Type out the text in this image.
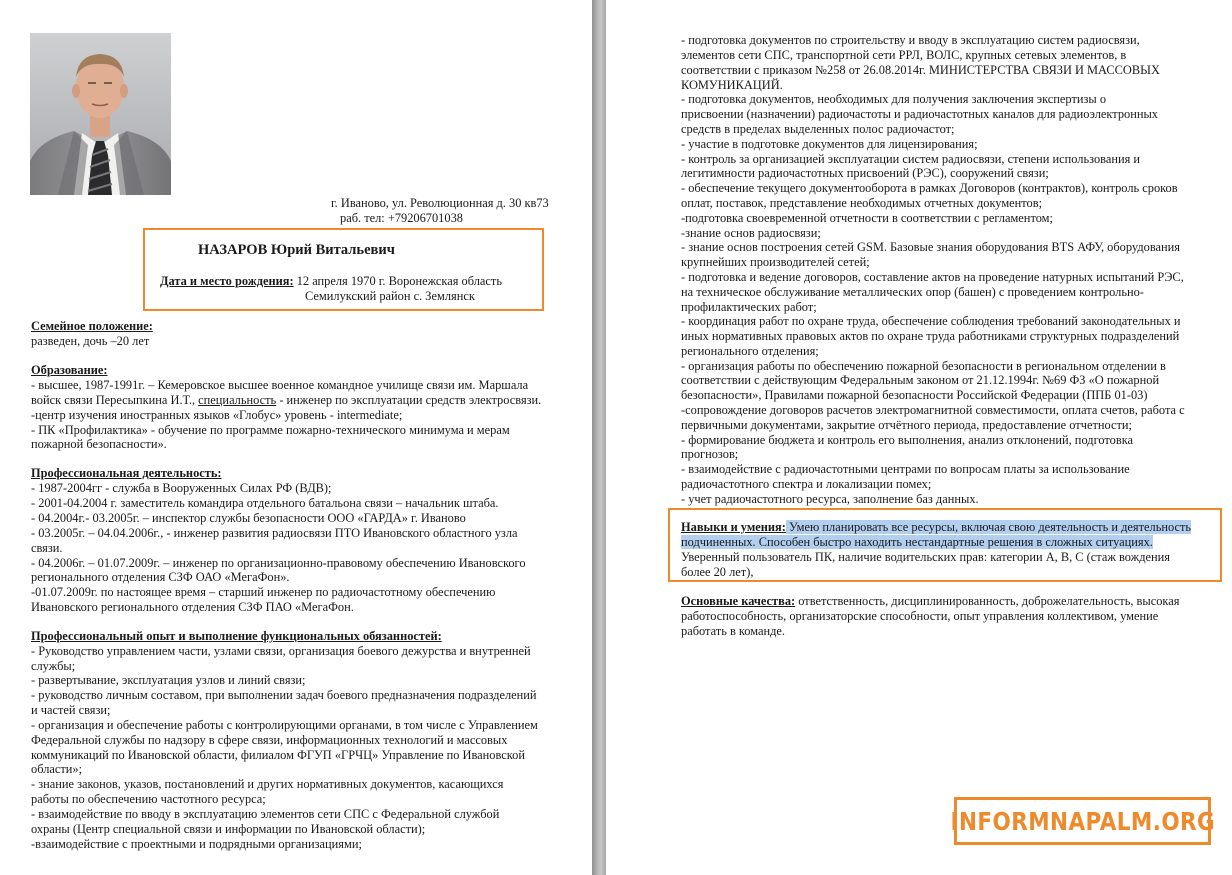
г. Иваново, ул. Революционная д. 30 кв73
раб. тел: +79206701038
НАЗАРОВ Юрий Витальевич
Дата и место рождения: 12 апреля 1970 г. Воронежская область
Семилукский район с. Землянск
Семейное положение:
разведен, дочь –20 лет
Образование:
- высшее, 1987-1991г. – Кемеровское высшее военное командное училище связи им. Маршала
войск связи Пересыпкина И.Т., специальность - инженер по эксплуатации средств электросвязи.
-центр изучения иностранных языков «Глобус» уровень - intermediate;
- ПК «Профилактика» - обучение по программе пожарно-технического минимума и мерам
пожарной безопасности».
Профессиональная деятельность:
- 1987-2004гг - служба в Вооруженных Силах РФ (ВДВ);
- 2001-04.2004 г. заместитель командира отдельного батальона связи – начальник штаба.
- 04.2004г.- 03.2005г. – инспектор службы безопасности ООО «ГАРДА» г. Иваново
- 03.2005г. – 04.04.2006г., - инженер развития радиосвязи ПТО Ивановского областного узла
связи.
- 04.2006г. – 01.07.2009г. – инженер по организационно-правовому обеспечению Ивановского
регионального отделения СЗФ ОАО «МегаФон».
-01.07.2009г. по настоящее время – старший инженер по радиочастотному обеспечению
Ивановского регионального отделения СЗФ ПАО «МегаФон.
Профессиональный опыт и выполнение функциональных обязанностей:
- Руководство управлением части, узлами связи, организация боевого дежурства и внутренней
службы;
- развертывание, эксплуатация узлов и линий связи;
- руководство личным составом, при выполнении задач боевого предназначения подразделений
и частей связи;
- организация и обеспечение работы с контролирующими органами, в том числе с Управлением
Федеральной службы по надзору в сфере связи, информационных технологий и массовых
коммуникаций по Ивановской области, филиалом ФГУП «ГРЧЦ» Управление по Ивановской
области»;
- знание законов, указов, постановлений и других нормативных документов, касающихся
работы по обеспечению частотного ресурса;
- взаимодействие по вводу в эксплуатацию элементов сети СПС с Федеральной службой
охраны (Центр специальной связи и информации по Ивановской области);
-взаимодействие с проектными и подрядными организациями;
- подготовка документов по строительству и вводу в эксплуатацию систем радиосвязи,
элементов сети СПС, транспортной сети РРЛ, ВОЛС, крупных сетевых элементов, в
соответствии с приказом №258 от 26.08.2014г. МИНИСТЕРСТВА СВЯЗИ И МАССОВЫХ
КОМУНИКАЦИЙ.
- подготовка документов, необходимых для получения заключения экспертизы о
присвоении (назначении) радиочастоты и радиочастотных каналов для радиоэлектронных
средств в пределах выделенных полос радиочастот;
- участие в подготовке документов для лицензирования;
- контроль за организацией эксплуатации систем радиосвязи, степени использования и
легитимности радиочастотных присвоений (РЭС), сооружений связи;
- обеспечение текущего документооборота в рамках Договоров (контрактов), контроль сроков
оплат, поставок, представление необходимых отчетных документов;
-подготовка своевременной отчетности в соответствии с регламентом;
-знание основ радиосвязи;
- знание основ построения сетей GSM. Базовые знания оборудования BTS АФУ, оборудования
крупнейших производителей сетей;
- подготовка и ведение договоров, составление актов на проведение натурных испытаний РЭС,
на техническое обслуживание металлических опор (башен) с проведением контрольно-
профилактических работ;
- координация работ по охране труда, обеспечение соблюдения требований законодательных и
иных нормативных правовых актов по охране труда работниками структурных подразделений
регионального отделения;
- организация работы по обеспечению пожарной безопасности в региональном отделении в
соответствии с действующим Федеральным законом от 21.12.1994г. №69 ФЗ «О пожарной
безопасности», Правилами пожарной безопасности Российской Федерации (ППБ 01-03)
-сопровождение договоров расчетов электромагнитной совместимости, оплата счетов, работа с
первичными документами, закрытие отчётного периода, предоставление отчетности;
- формирование бюджета и контроль его выполнения, анализ отклонений, подготовка
прогнозов;
- взаимодействие с радиочастотными центрами по вопросам платы за использование
радиочастотного спектра и локализации помех;
- учет радиочастотного ресурса, заполнение баз данных.
Навыки и умения: Умею планировать все ресурсы, включая свою деятельность и деятельность
подчиненных. Способен быстро находить нестандартные решения в сложных ситуациях.
Уверенный пользователь ПК, наличие водительских прав: категории А, В, С (стаж вождения
более 20 лет),
Основные качества: ответственность, дисциплинированность, доброжелательность, высокая
работоспособность, организаторские способности, опыт управления коллективом, умение
работать в команде.
INFORMNAPALM.ORG
